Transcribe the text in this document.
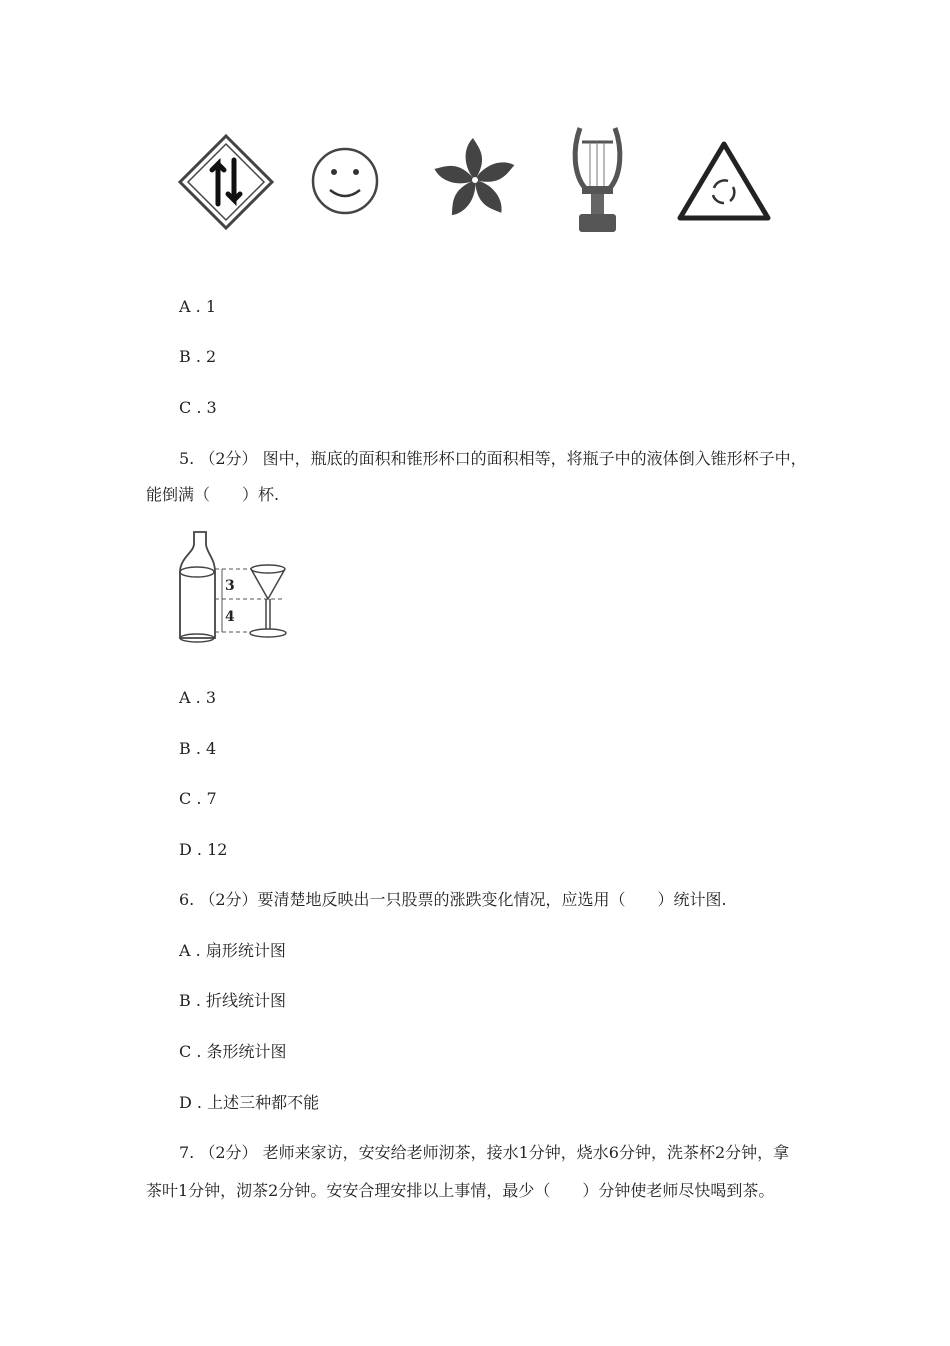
A . 1
B . 2
C . 3
5. （2分） 图中，瓶底的面积和锥形杯口的面积相等，将瓶子中的液体倒入锥形杯子中，
能倒满（　　）杯.
3
4
A . 3
B . 4
C . 7
D . 12
6. （2分）要清楚地反映出一只股票的涨跌变化情况，应选用（　　）统计图.
A . 扇形统计图
B . 折线统计图
C . 条形统计图
D . 上述三种都不能
7. （2分） 老师来家访，安安给老师沏茶，接水1分钟，烧水6分钟，洗茶杯2分钟，拿
茶叶1分钟，沏茶2分钟。安安合理安排以上事情，最少（　　）分钟使老师尽快喝到茶。
